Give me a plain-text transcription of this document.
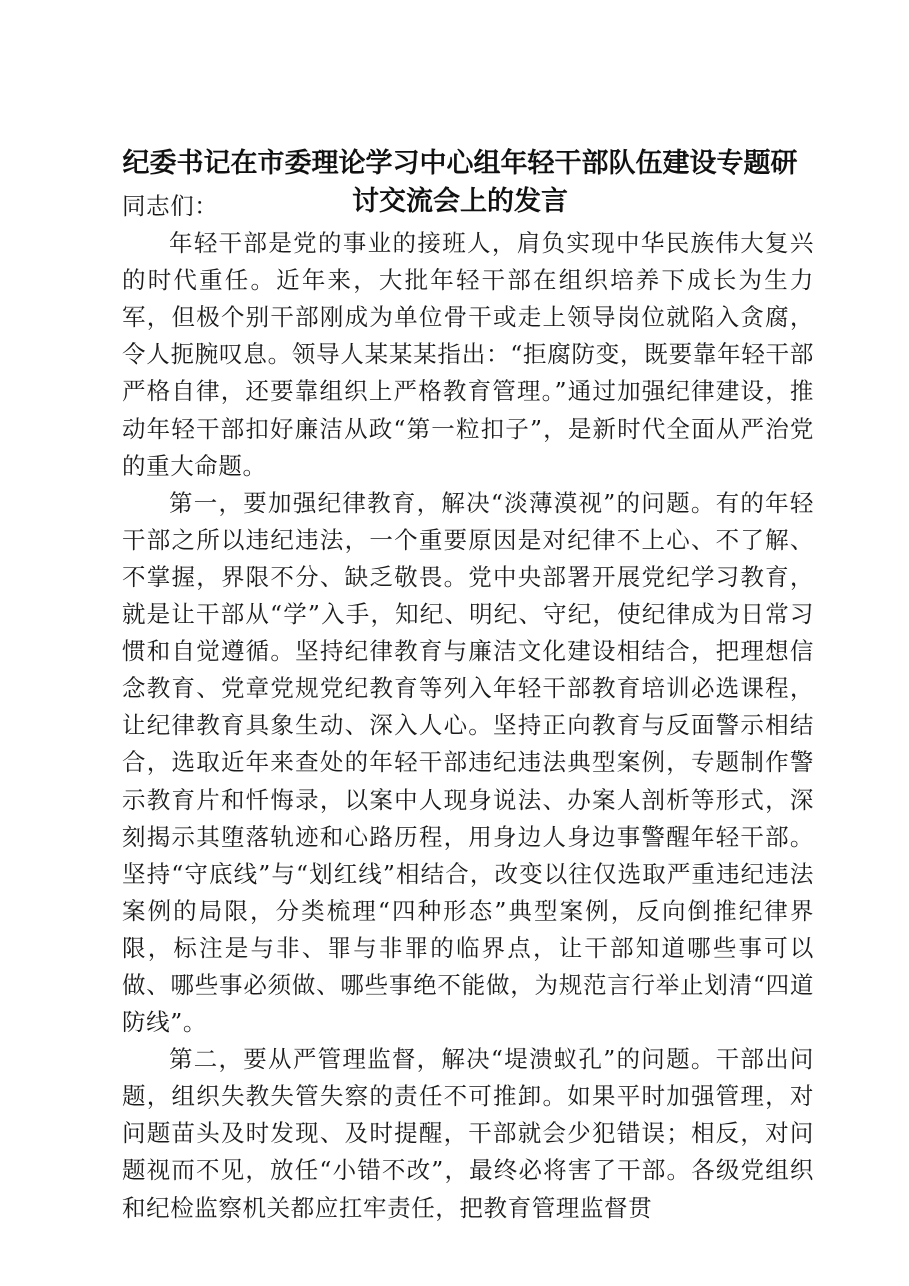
纪委书记在市委理论学习中心组年轻干部队伍建设专题研讨交流会上的发言

同志们：

年轻干部是党的事业的接班人，肩负实现中华民族伟大复兴的时代重任。近年来，大批年轻干部在组织培养下成长为生力军，但极个别干部刚成为单位骨干或走上领导岗位就陷入贪腐，令人扼腕叹息。领导人某某某指出：“拒腐防变，既要靠年轻干部严格自律，还要靠组织上严格教育管理。”通过加强纪律建设，推动年轻干部扣好廉洁从政“第一粒扣子”，是新时代全面从严治党的重大命题。

第一，要加强纪律教育，解决“淡薄漠视”的问题。有的年轻干部之所以违纪违法，一个重要原因是对纪律不上心、不了解、不掌握，界限不分、缺乏敬畏。党中央部署开展党纪学习教育，就是让干部从“学”入手，知纪、明纪、守纪，使纪律成为日常习惯和自觉遵循。坚持纪律教育与廉洁文化建设相结合，把理想信念教育、党章党规党纪教育等列入年轻干部教育培训必选课程，让纪律教育具象生动、深入人心。坚持正向教育与反面警示相结合，选取近年来查处的年轻干部违纪违法典型案例，专题制作警示教育片和忏悔录，以案中人现身说法、办案人剖析等形式，深刻揭示其堕落轨迹和心路历程，用身边人身边事警醒年轻干部。坚持“守底线”与“划红线”相结合，改变以往仅选取严重违纪违法案例的局限，分类梳理“四种形态”典型案例，反向倒推纪律界限，标注是与非、罪与非罪的临界点，让干部知道哪些事可以做、哪些事必须做、哪些事绝不能做，为规范言行举止划清“四道防线”。

第二，要从严管理监督，解决“堤溃蚁孔”的问题。干部出问题，组织失教失管失察的责任不可推卸。如果平时加强管理，对问题苗头及时发现、及时提醒，干部就会少犯错误；相反，对问题视而不见，放任“小错不改”，最终必将害了干部。各级党组织和纪检监察机关都应扛牢责任，把教育管理监督贯
